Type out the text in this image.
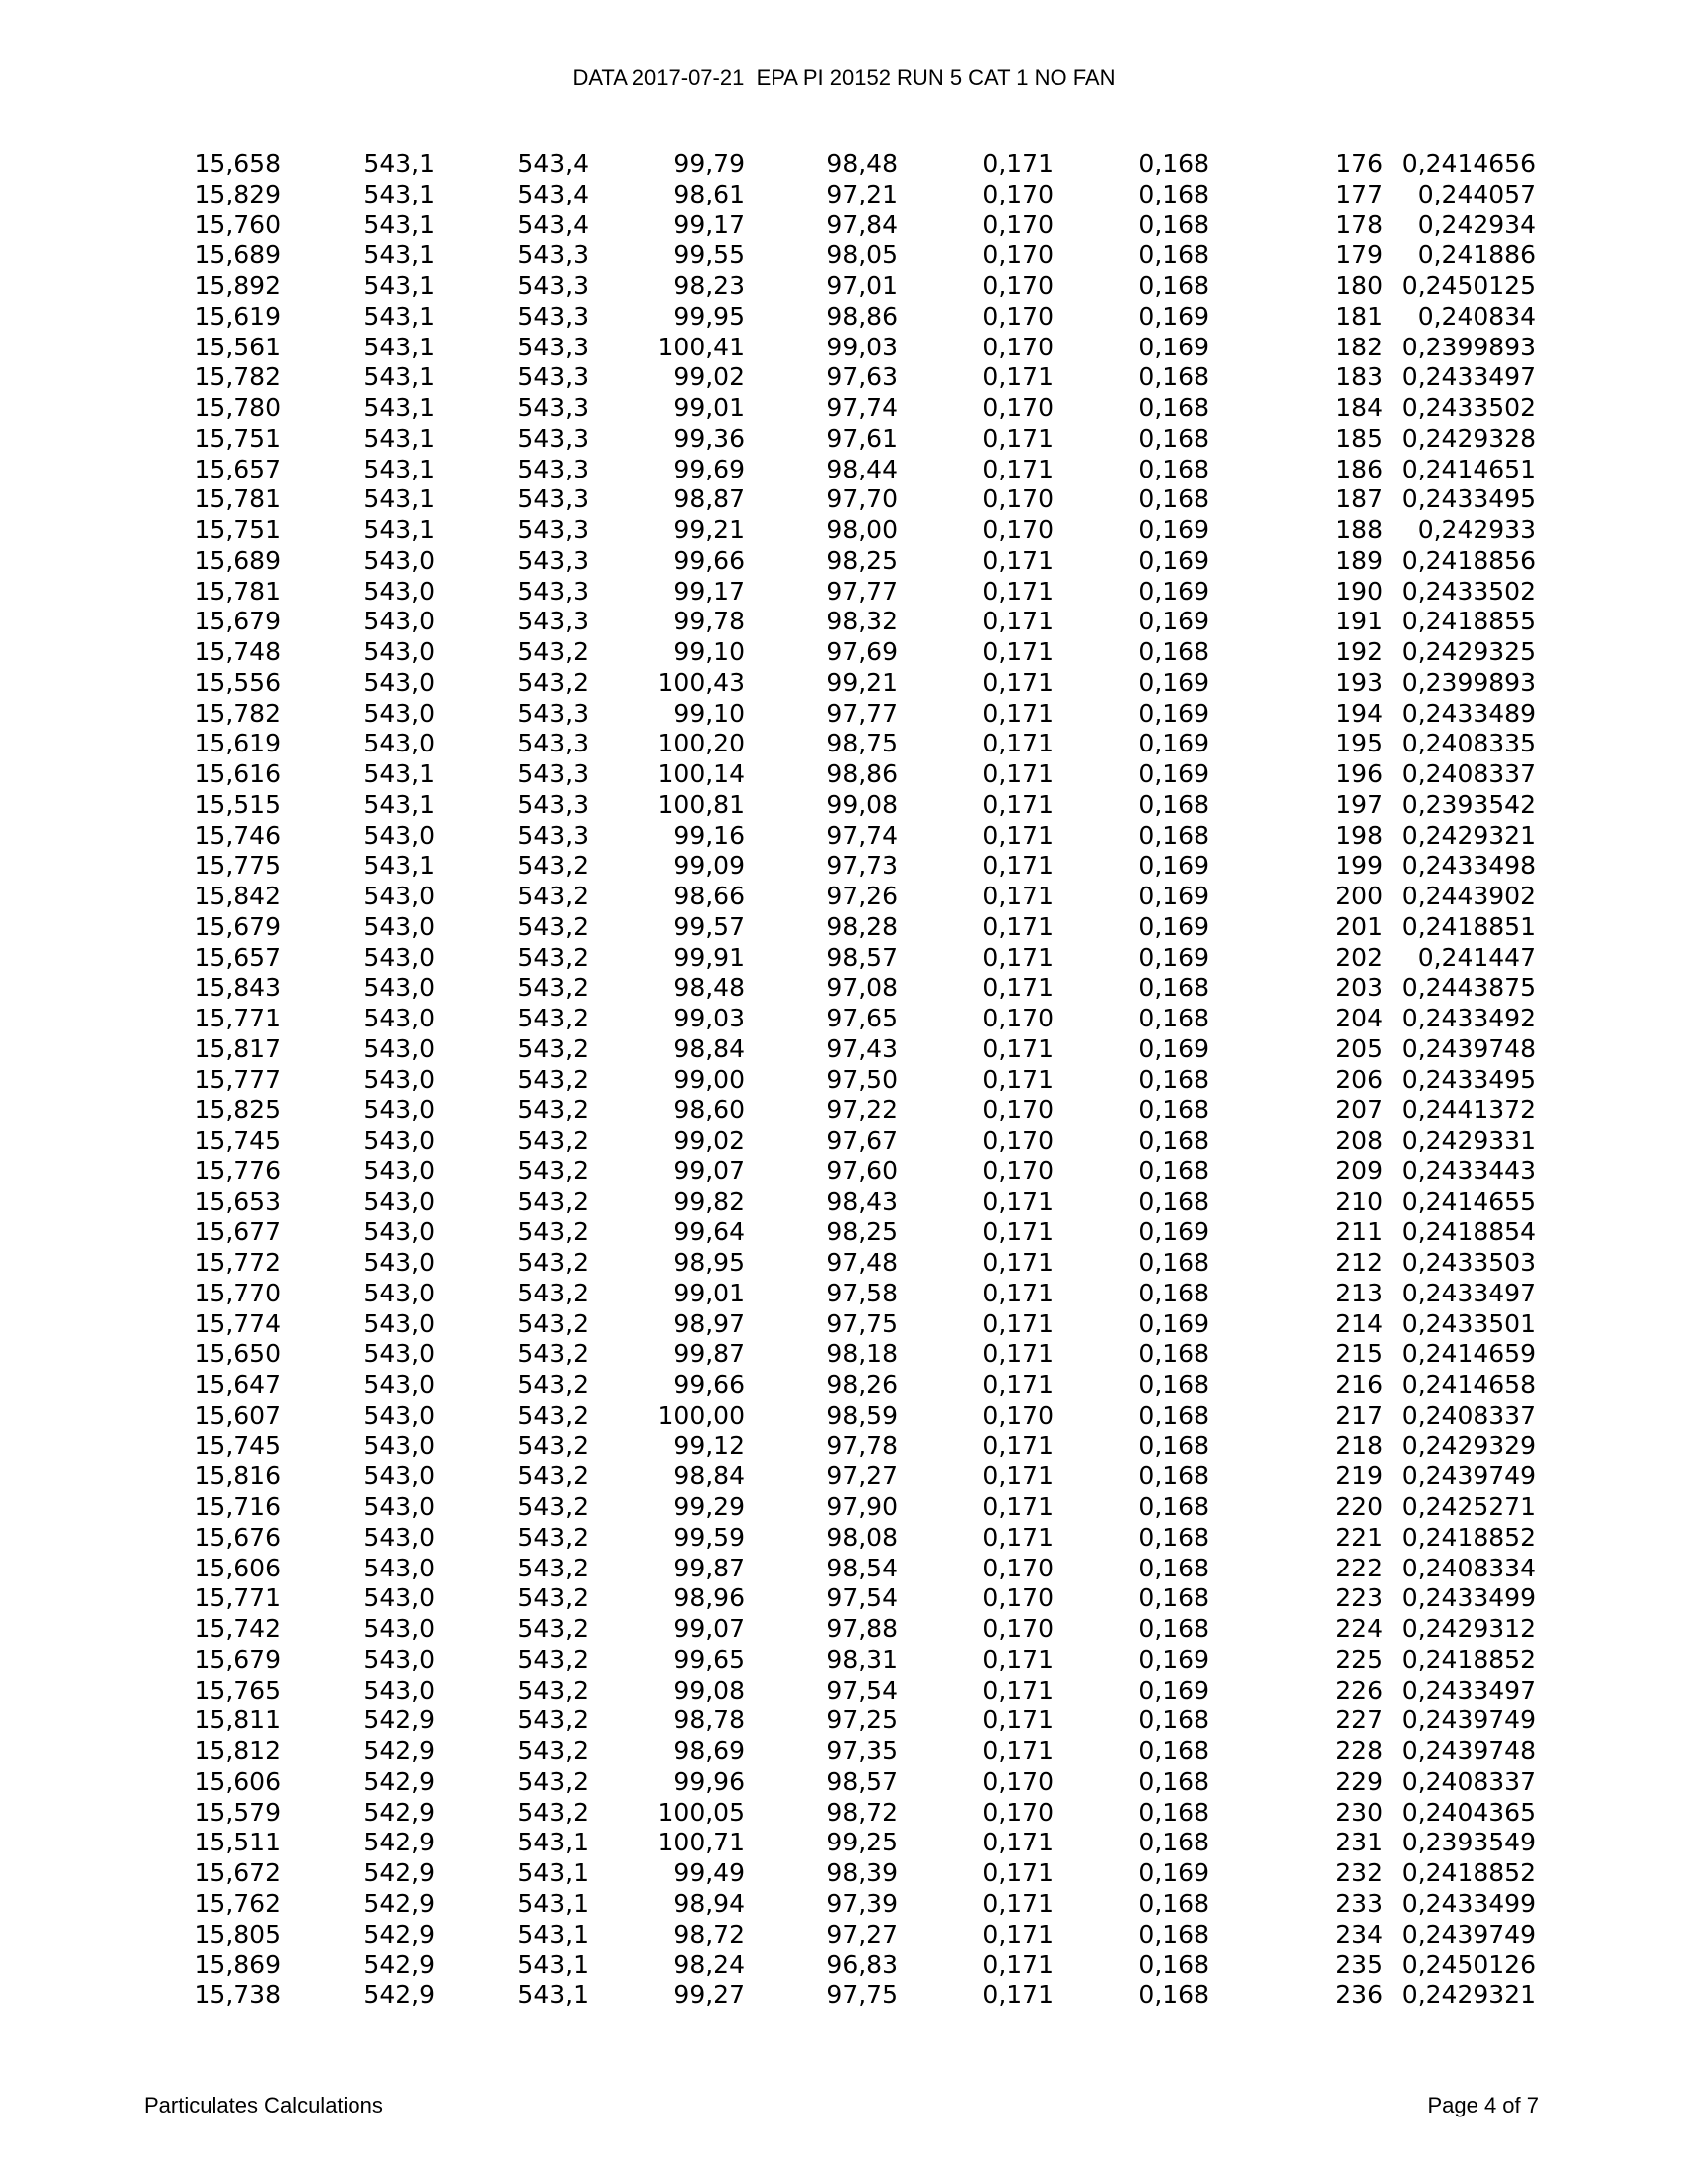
DATA 2017-07-21  EPA PI 20152 RUN 5 CAT 1 NO FAN
15,658	543,1	543,4	99,79	98,48	0,171	0,168	176 0,2414656
15,829	543,1	543,4	98,61	97,21	0,170	0,168	177 0,244057
15,760	543,1	543,4	99,17	97,84	0,170	0,168	178 0,242934
15,689	543,1	543,3	99,55	98,05	0,170	0,168	179 0,241886
15,892	543,1	543,3	98,23	97,01	0,170	0,168	180 0,2450125
15,619	543,1	543,3	99,95	98,86	0,170	0,169	181 0,240834
15,561	543,1	543,3	100,41	99,03	0,170	0,169	182 0,2399893
15,782	543,1	543,3	99,02	97,63	0,171	0,168	183 0,2433497
15,780	543,1	543,3	99,01	97,74	0,170	0,168	184 0,2433502
15,751	543,1	543,3	99,36	97,61	0,171	0,168	185 0,2429328
15,657	543,1	543,3	99,69	98,44	0,171	0,168	186 0,2414651
15,781	543,1	543,3	98,87	97,70	0,170	0,168	187 0,2433495
15,751	543,1	543,3	99,21	98,00	0,170	0,169	188 0,242933
15,689	543,0	543,3	99,66	98,25	0,171	0,169	189 0,2418856
15,781	543,0	543,3	99,17	97,77	0,171	0,169	190 0,2433502
15,679	543,0	543,3	99,78	98,32	0,171	0,169	191 0,2418855
15,748	543,0	543,2	99,10	97,69	0,171	0,168	192 0,2429325
15,556	543,0	543,2	100,43	99,21	0,171	0,169	193 0,2399893
15,782	543,0	543,3	99,10	97,77	0,171	0,169	194 0,2433489
15,619	543,0	543,3	100,20	98,75	0,171	0,169	195 0,2408335
15,616	543,1	543,3	100,14	98,86	0,171	0,169	196 0,2408337
15,515	543,1	543,3	100,81	99,08	0,171	0,168	197 0,2393542
15,746	543,0	543,3	99,16	97,74	0,171	0,168	198 0,2429321
15,775	543,1	543,2	99,09	97,73	0,171	0,169	199 0,2433498
15,842	543,0	543,2	98,66	97,26	0,171	0,169	200 0,2443902
15,679	543,0	543,2	99,57	98,28	0,171	0,169	201 0,2418851
15,657	543,0	543,2	99,91	98,57	0,171	0,169	202 0,241447
15,843	543,0	543,2	98,48	97,08	0,171	0,168	203 0,2443875
15,771	543,0	543,2	99,03	97,65	0,170	0,168	204 0,2433492
15,817	543,0	543,2	98,84	97,43	0,171	0,169	205 0,2439748
15,777	543,0	543,2	99,00	97,50	0,171	0,168	206 0,2433495
15,825	543,0	543,2	98,60	97,22	0,170	0,168	207 0,2441372
15,745	543,0	543,2	99,02	97,67	0,170	0,168	208 0,2429331
15,776	543,0	543,2	99,07	97,60	0,170	0,168	209 0,2433443
15,653	543,0	543,2	99,82	98,43	0,171	0,168	210 0,2414655
15,677	543,0	543,2	99,64	98,25	0,171	0,169	211 0,2418854
15,772	543,0	543,2	98,95	97,48	0,171	0,168	212 0,2433503
15,770	543,0	543,2	99,01	97,58	0,171	0,168	213 0,2433497
15,774	543,0	543,2	98,97	97,75	0,171	0,169	214 0,2433501
15,650	543,0	543,2	99,87	98,18	0,171	0,168	215 0,2414659
15,647	543,0	543,2	99,66	98,26	0,171	0,168	216 0,2414658
15,607	543,0	543,2	100,00	98,59	0,170	0,168	217 0,2408337
15,745	543,0	543,2	99,12	97,78	0,171	0,168	218 0,2429329
15,816	543,0	543,2	98,84	97,27	0,171	0,168	219 0,2439749
15,716	543,0	543,2	99,29	97,90	0,171	0,168	220 0,2425271
15,676	543,0	543,2	99,59	98,08	0,171	0,168	221 0,2418852
15,606	543,0	543,2	99,87	98,54	0,170	0,168	222 0,2408334
15,771	543,0	543,2	98,96	97,54	0,170	0,168	223 0,2433499
15,742	543,0	543,2	99,07	97,88	0,170	0,168	224 0,2429312
15,679	543,0	543,2	99,65	98,31	0,171	0,169	225 0,2418852
15,765	543,0	543,2	99,08	97,54	0,171	0,169	226 0,2433497
15,811	542,9	543,2	98,78	97,25	0,171	0,168	227 0,2439749
15,812	542,9	543,2	98,69	97,35	0,171	0,168	228 0,2439748
15,606	542,9	543,2	99,96	98,57	0,170	0,168	229 0,2408337
15,579	542,9	543,2	100,05	98,72	0,170	0,168	230 0,2404365
15,511	542,9	543,1	100,71	99,25	0,171	0,168	231 0,2393549
15,672	542,9	543,1	99,49	98,39	0,171	0,169	232 0,2418852
15,762	542,9	543,1	98,94	97,39	0,171	0,168	233 0,2433499
15,805	542,9	543,1	98,72	97,27	0,171	0,168	234 0,2439749
15,869	542,9	543,1	98,24	96,83	0,171	0,168	235 0,2450126
15,738	542,9	543,1	99,27	97,75	0,171	0,168	236 0,2429321
Particulates Calculations	Page 4 of 7
